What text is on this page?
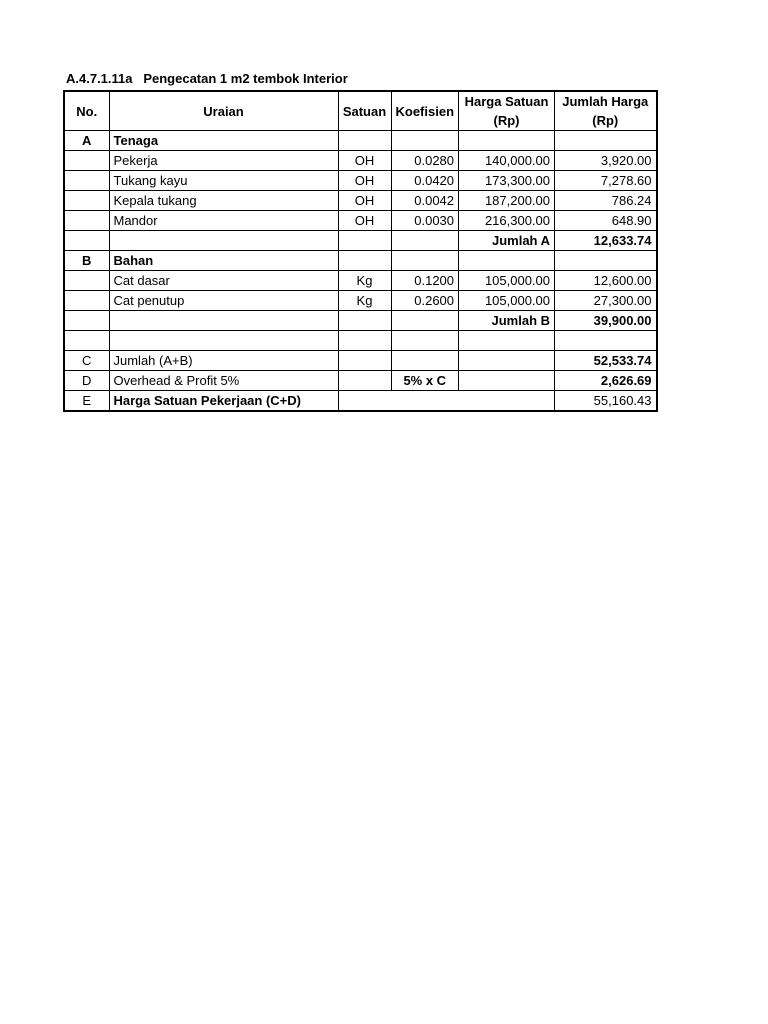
A.4.7.1.11a   Pengecatan 1 m2 tembok Interior
No.	Uraian	Satuan	Koefisien	Harga Satuan	Jumlah Harga
				(Rp)	(Rp)
A	Tenaga				
	Pekerja	OH	0.0280	140,000.00	3,920.00
	Tukang kayu	OH	0.0420	173,300.00	7,278.60
	Kepala tukang	OH	0.0042	187,200.00	786.24
	Mandor	OH	0.0030	216,300.00	648.90
				Jumlah A	12,633.74
B	Bahan				
	Cat dasar	Kg	0.1200	105,000.00	12,600.00
	Cat penutup	Kg	0.2600	105,000.00	27,300.00
				Jumlah B	39,900.00

C	Jumlah (A+B)				52,533.74
D	Overhead & Profit 5%		5% x C		2,626.69
E	Harga Satuan Pekerjaan (C+D)				55,160.43
